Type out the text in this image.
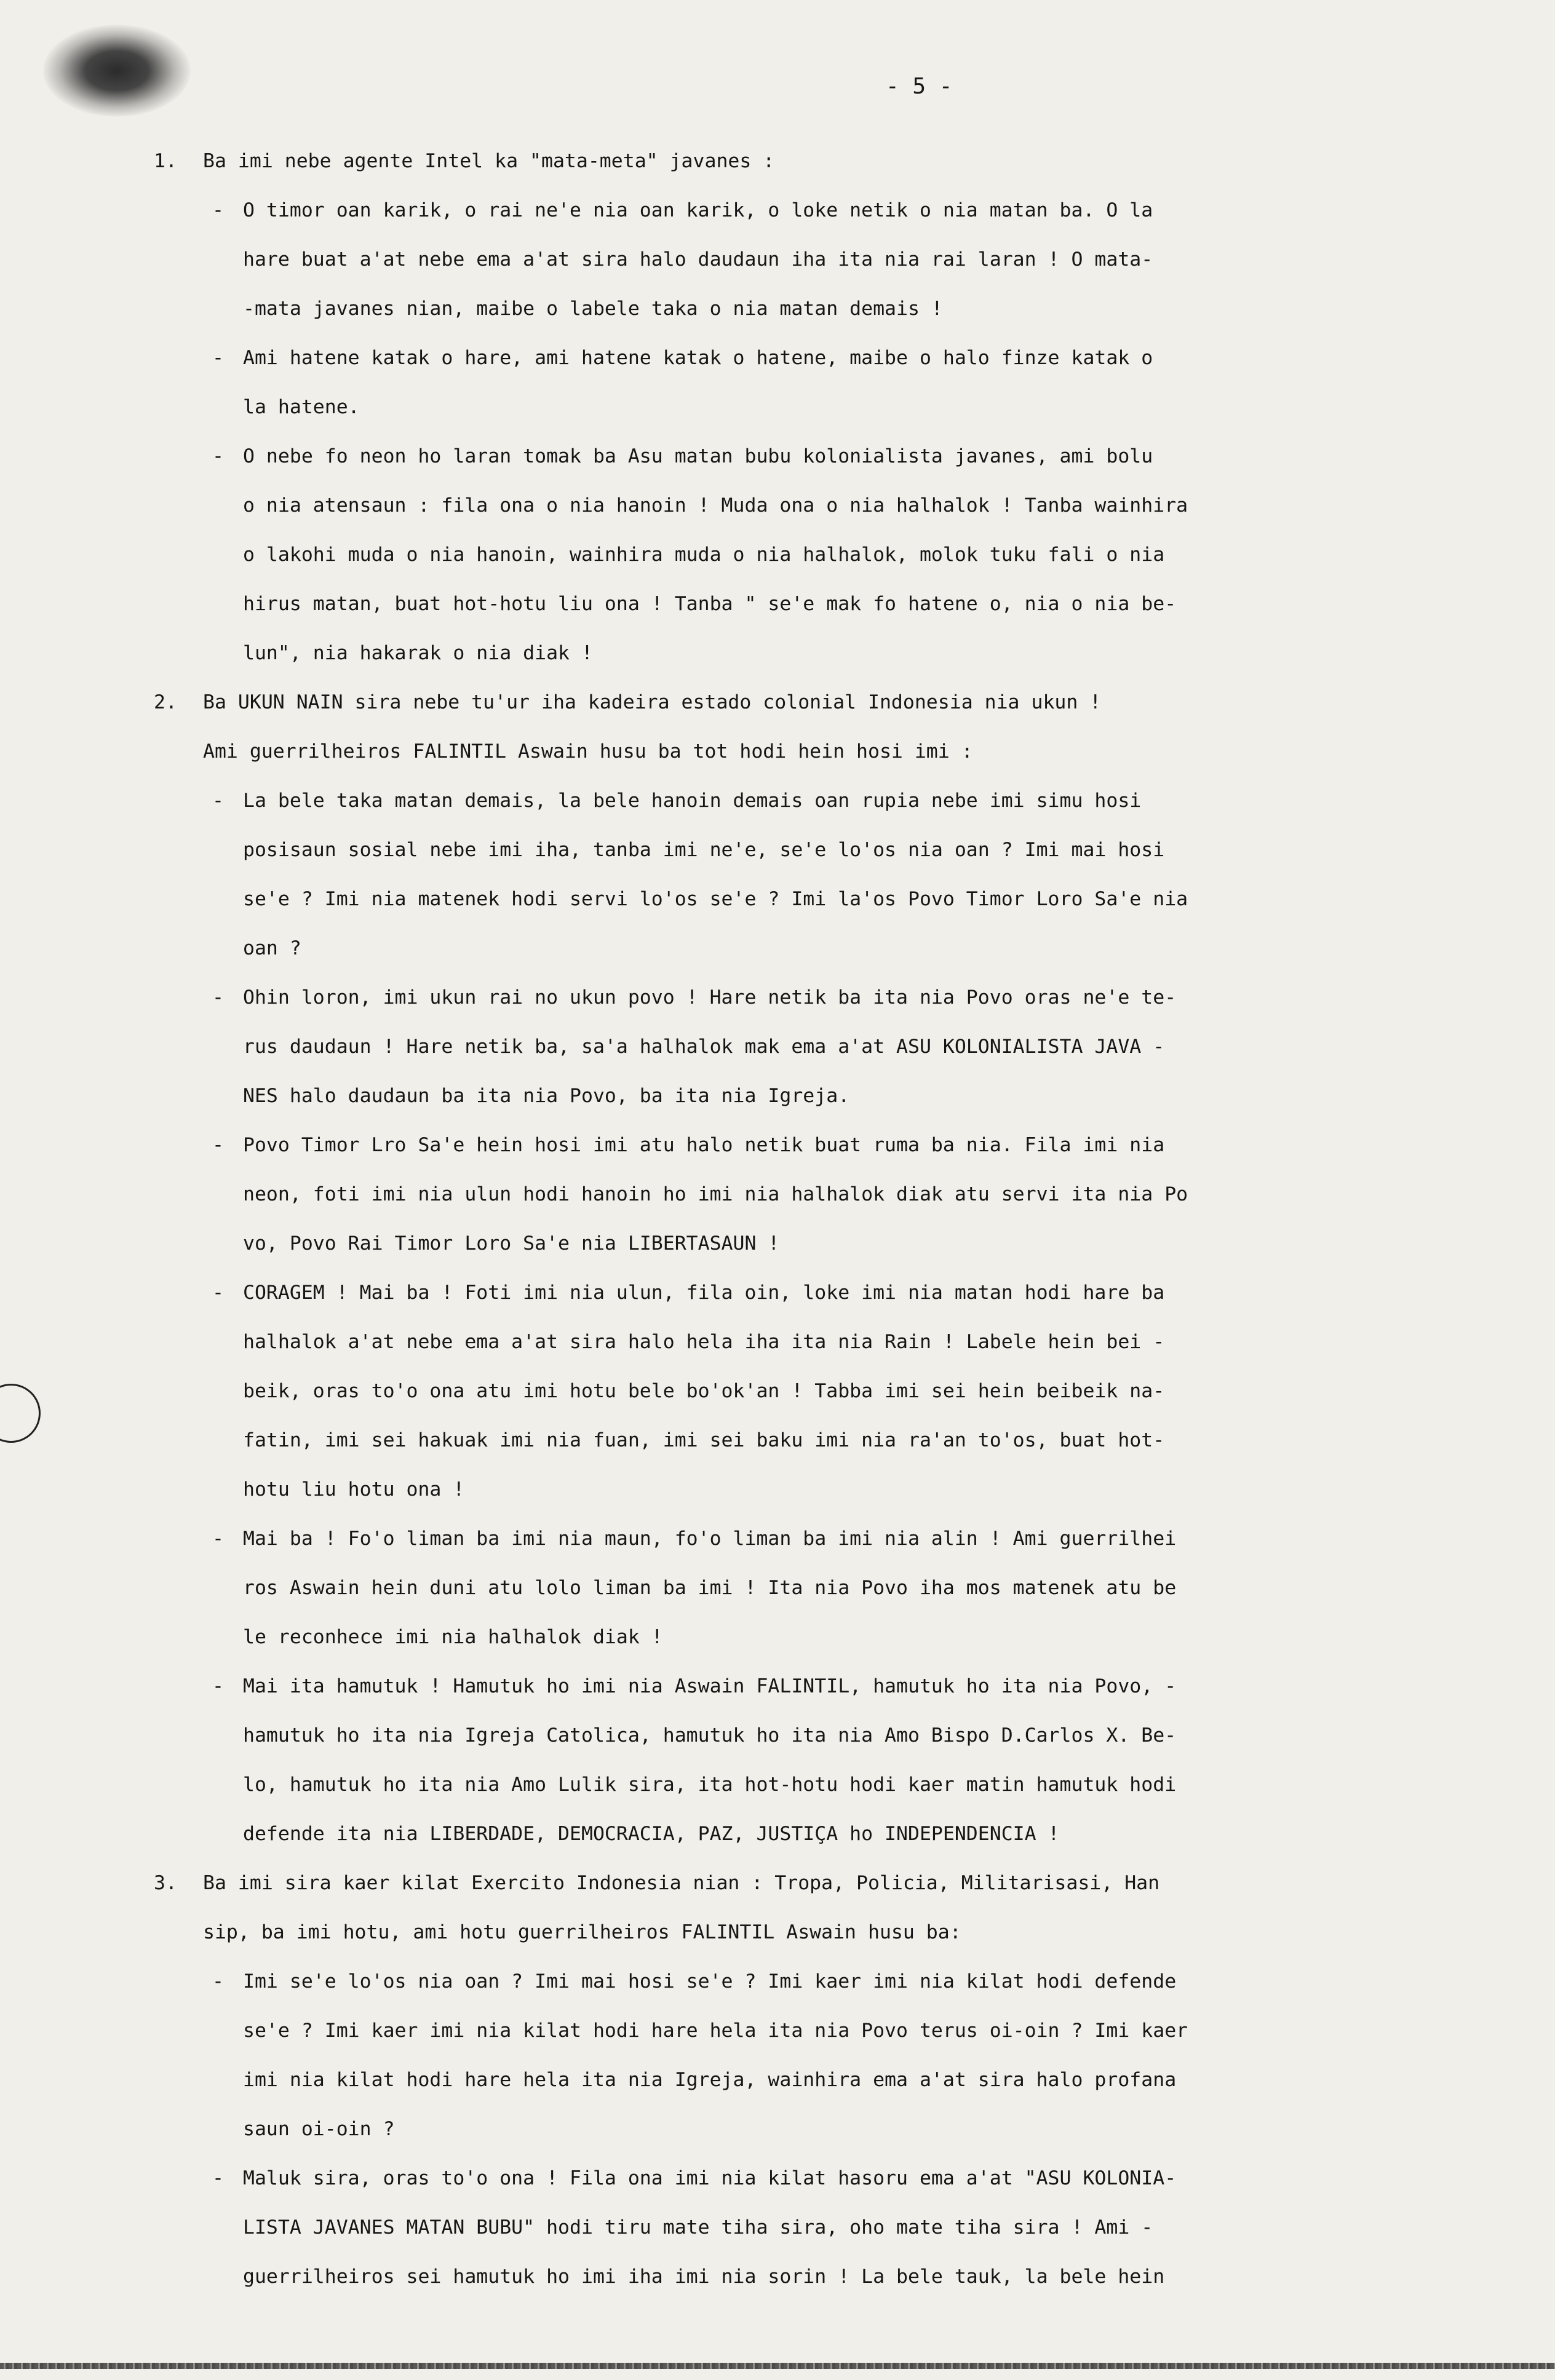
- 5 -
1. Ba imi nebe agente Intel ka "mata-meta" javanes :
- O timor oan karik, o rai ne'e nia oan karik, o loke netik o nia matan ba. O la
hare buat a'at nebe ema a'at sira halo daudaun iha ita nia rai laran ! O mata-
-mata javanes nian, maibe o labele taka o nia matan demais !
- Ami hatene katak o hare, ami hatene katak o hatene, maibe o halo finze katak o
la hatene.
- O nebe fo neon ho laran tomak ba Asu matan bubu kolonialista javanes, ami bolu
o nia atensaun : fila ona o nia hanoin ! Muda ona o nia halhalok ! Tanba wainhira
o lakohi muda o nia hanoin, wainhira muda o nia halhalok, molok tuku fali o nia
hirus matan, buat hot-hotu liu ona ! Tanba " se'e mak fo hatene o, nia o nia be-
lun", nia hakarak o nia diak !
2. Ba UKUN NAIN sira nebe tu'ur iha kadeira estado colonial Indonesia nia ukun !
Ami guerrilheiros FALINTIL Aswain husu ba tot hodi hein hosi imi :
- La bele taka matan demais, la bele hanoin demais oan rupia nebe imi simu hosi
posisaun sosial nebe imi iha, tanba imi ne'e, se'e lo'os nia oan ? Imi mai hosi
se'e ? Imi nia matenek hodi servi lo'os se'e ? Imi la'os Povo Timor Loro Sa'e nia
oan ?
- Ohin loron, imi ukun rai no ukun povo ! Hare netik ba ita nia Povo oras ne'e te-
rus daudaun ! Hare netik ba, sa'a halhalok mak ema a'at ASU KOLONIALISTA JAVA -
NES halo daudaun ba ita nia Povo, ba ita nia Igreja.
- Povo Timor Lro Sa'e hein hosi imi atu halo netik buat ruma ba nia. Fila imi nia
neon, foti imi nia ulun hodi hanoin ho imi nia halhalok diak atu servi ita nia Po
vo, Povo Rai Timor Loro Sa'e nia LIBERTASAUN !
- CORAGEM ! Mai ba ! Foti imi nia ulun, fila oin, loke imi nia matan hodi hare ba
halhalok a'at nebe ema a'at sira halo hela iha ita nia Rain ! Labele hein bei -
beik, oras to'o ona atu imi hotu bele bo'ok'an ! Tabba imi sei hein beibeik na-
fatin, imi sei hakuak imi nia fuan, imi sei baku imi nia ra'an to'os, buat hot-
hotu liu hotu ona !
- Mai ba ! Fo'o liman ba imi nia maun, fo'o liman ba imi nia alin ! Ami guerrilhei
ros Aswain hein duni atu lolo liman ba imi ! Ita nia Povo iha mos matenek atu be
le reconhece imi nia halhalok diak !
- Mai ita hamutuk ! Hamutuk ho imi nia Aswain FALINTIL, hamutuk ho ita nia Povo, -
hamutuk ho ita nia Igreja Catolica, hamutuk ho ita nia Amo Bispo D.Carlos X. Be-
lo, hamutuk ho ita nia Amo Lulik sira, ita hot-hotu hodi kaer matin hamutuk hodi
defende ita nia LIBERDADE, DEMOCRACIA, PAZ, JUSTIÇA ho INDEPENDENCIA !
3. Ba imi sira kaer kilat Exercito Indonesia nian : Tropa, Policia, Militarisasi, Han
sip, ba imi hotu, ami hotu guerrilheiros FALINTIL Aswain husu ba:
- Imi se'e lo'os nia oan ? Imi mai hosi se'e ? Imi kaer imi nia kilat hodi defende
se'e ? Imi kaer imi nia kilat hodi hare hela ita nia Povo terus oi-oin ? Imi kaer
imi nia kilat hodi hare hela ita nia Igreja, wainhira ema a'at sira halo profana
saun oi-oin ?
- Maluk sira, oras to'o ona ! Fila ona imi nia kilat hasoru ema a'at "ASU KOLONIA-
LISTA JAVANES MATAN BUBU" hodi tiru mate tiha sira, oho mate tiha sira ! Ami -
guerrilheiros sei hamutuk ho imi iha imi nia sorin ! La bele tauk, la bele hein
